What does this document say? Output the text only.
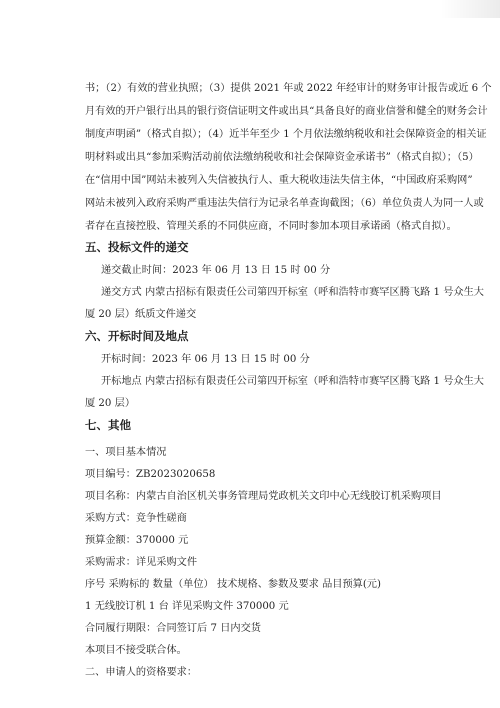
书；（2）有效的营业执照；（3）提供 2021 年或 2022 年经审计的财务审计报告或近 6 个
月有效的开户银行出具的银行资信证明文件或出具“具备良好的商业信誉和健全的财务会计
制度声明函”（格式自拟）；（4）近半年至少 1 个月依法缴纳税收和社会保障资金的相关证
明材料或出具“参加采购活动前依法缴纳税收和社会保障资金承诺书”（格式自拟）；（5）
在“信用中国”网站未被列入失信被执行人、重大税收违法失信主体，“中国政府采购网”
网站未被列入政府采购严重违法失信行为记录名单查询截图；（6）单位负责人为同一人或
者存在直接控股、管理关系的不同供应商，不同时参加本项目承诺函（格式自拟）。
五、投标文件的递交
递交截止时间：2023 年 06 月 13 日 15 时 00 分
递交方式 内蒙古招标有限责任公司第四开标室（呼和浩特市赛罕区腾飞路 1 号众生大
厦 20 层）纸质文件递交
六、开标时间及地点
开标时间：2023 年 06 月 13 日 15 时 00 分
开标地点 内蒙古招标有限责任公司第四开标室（呼和浩特市赛罕区腾飞路 1 号众生大
厦 20 层）
七、其他
一、项目基本情况
项目编号：ZB2023020658
项目名称：内蒙古自治区机关事务管理局党政机关文印中心无线胶订机采购项目
采购方式：竞争性磋商
预算金额：370000 元
采购需求：详见采购文件
序号 采购标的 数量（单位） 技术规格、参数及要求 品目预算(元)
1 无线胶订机 1 台 详见采购文件 370000 元
合同履行期限：合同签订后 7 日内交货
本项目不接受联合体。
二、申请人的资格要求：
